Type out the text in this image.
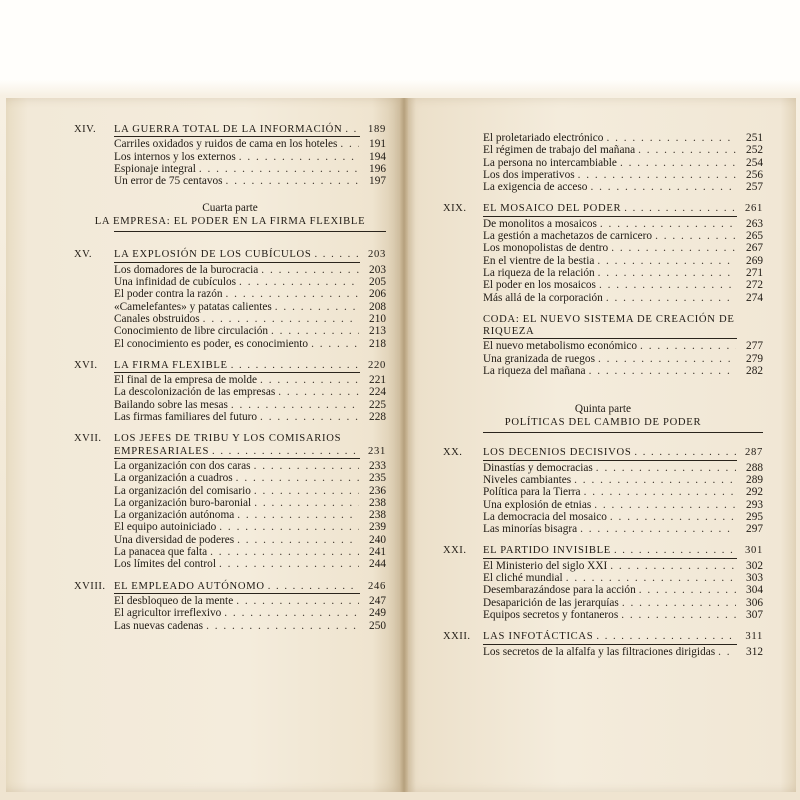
XIV.	LA GUERRA TOTAL DE LA INFORMACIÓN . . .	189
Carriles oxidados y ruidos de cama en los hoteles . . .	191
Los internos y los externos . . .	194
Espionaje integral . . .	196
Un error de 75 centavos . . .	197
Cuarta parte
LA EMPRESA: EL PODER EN LA FIRMA FLEXIBLE
XV.	LA EXPLOSIÓN DE LOS CUBÍCULOS . . .	203
Los domadores de la burocracia . . .	203
Una infinidad de cubículos . . .	205
El poder contra la razón . . .	206
«Camelefantes» y patatas calientes . . .	208
Canales obstruidos . . .	210
Conocimiento de libre circulación . . .	213
El conocimiento es poder, es conocimiento . . .	218
XVI.	LA FIRMA FLEXIBLE . . .	220
El final de la empresa de molde . . .	221
La descolonización de las empresas . . .	224
Bailando sobre las mesas . . .	225
Las firmas familiares del futuro . . .	228
XVII.	LOS JEFES DE TRIBU Y LOS COMISARIOS
EMPRESARIALES . . .	231
La organización con dos caras . . .	233
La organización a cuadros . . .	235
La organización del comisario . . .	236
La organización buro-baronial . . .	238
La organización autónoma . . .	238
El equipo autoiniciado . . .	239
Una diversidad de poderes . . .	240
La panacea que falta . . .	241
Los límites del control . . .	244
XVIII. EL EMPLEADO AUTÓNOMO . . .	246
El desbloqueo de la mente . . .	247
El agricultor irreflexivo . . .	249
Las nuevas cadenas . . .	250
El proletariado electrónico . . .	251
El régimen de trabajo del mañana . . .	252
La persona no intercambiable . . .	254
Los dos imperativos . . .	256
La exigencia de acceso . . .	257
XIX.	EL MOSAICO DEL PODER . . .	261
De monolitos a mosaicos . . .	263
La gestión a machetazos de carnicero . . .	265
Los monopolistas de dentro . . .	267
En el vientre de la bestia . . .	269
La riqueza de la relación . . .	271
El poder en los mosaicos . . .	272
Más allá de la corporación . . .	274
CODA: EL NUEVO SISTEMA DE CREACIÓN DE
RIQUEZA
El nuevo metabolismo económico . . .	277
Una granizada de ruegos . . .	279
La riqueza del mañana . . .	282
Quinta parte
POLÍTICAS DEL CAMBIO DE PODER
XX.	LOS DECENIOS DECISIVOS . . .	287
Dinastías y democracias . . .	288
Niveles cambiantes . . .	289
Política para la Tierra . . .	292
Una explosión de etnias . . .	293
La democracia del mosaico . . .	295
Las minorías bisagra . . .	297
XXI.	EL PARTIDO INVISIBLE . . .	301
El Ministerio del siglo XXI . . .	302
El cliché mundial . . .	303
Desembarazándose para la acción . . .	304
Desaparición de las jerarquías . . .	306
Equipos secretos y fontaneros . . .	307
XXII.	LAS INFOTÁCTICAS . . .	311
Los secretos de la alfalfa y las filtraciones dirigidas . . .	312
